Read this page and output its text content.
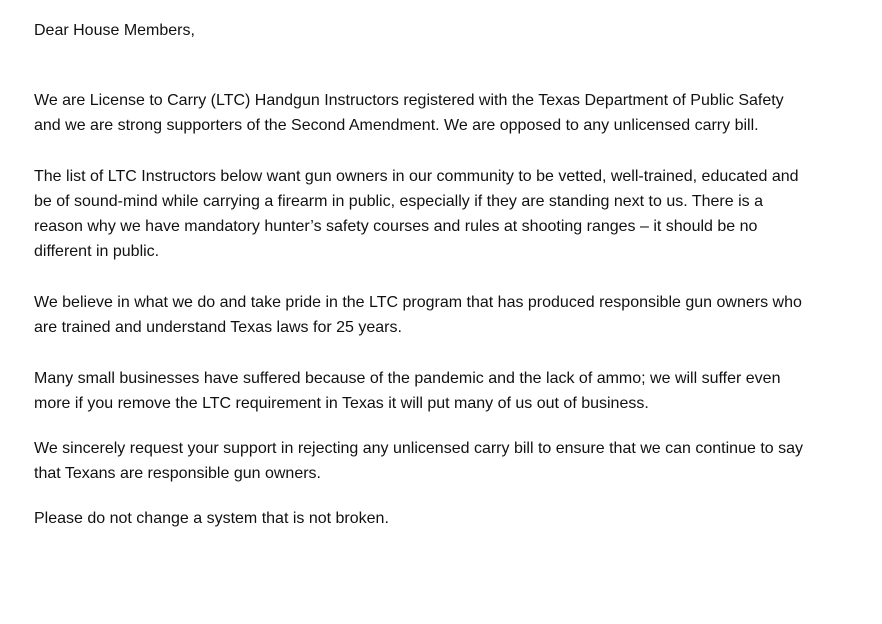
Dear House Members,

We are License to Carry (LTC) Handgun Instructors registered with the Texas Department of Public Safety and we are strong supporters of the Second Amendment. We are opposed to any unlicensed carry bill.

The list of LTC Instructors below want gun owners in our community to be vetted, well-trained, educated and be of sound-mind while carrying a firearm in public, especially if they are standing next to us. There is a reason why we have mandatory hunter’s safety courses and rules at shooting ranges – it should be no different in public.

We believe in what we do and take pride in the LTC program that has produced responsible gun owners who are trained and understand Texas laws for 25 years.

Many small businesses have suffered because of the pandemic and the lack of ammo; we will suffer even more if you remove the LTC requirement in Texas it will put many of us out of business.

We sincerely request your support in rejecting any unlicensed carry bill to ensure that we can continue to say that Texans are responsible gun owners.

Please do not change a system that is not broken.
